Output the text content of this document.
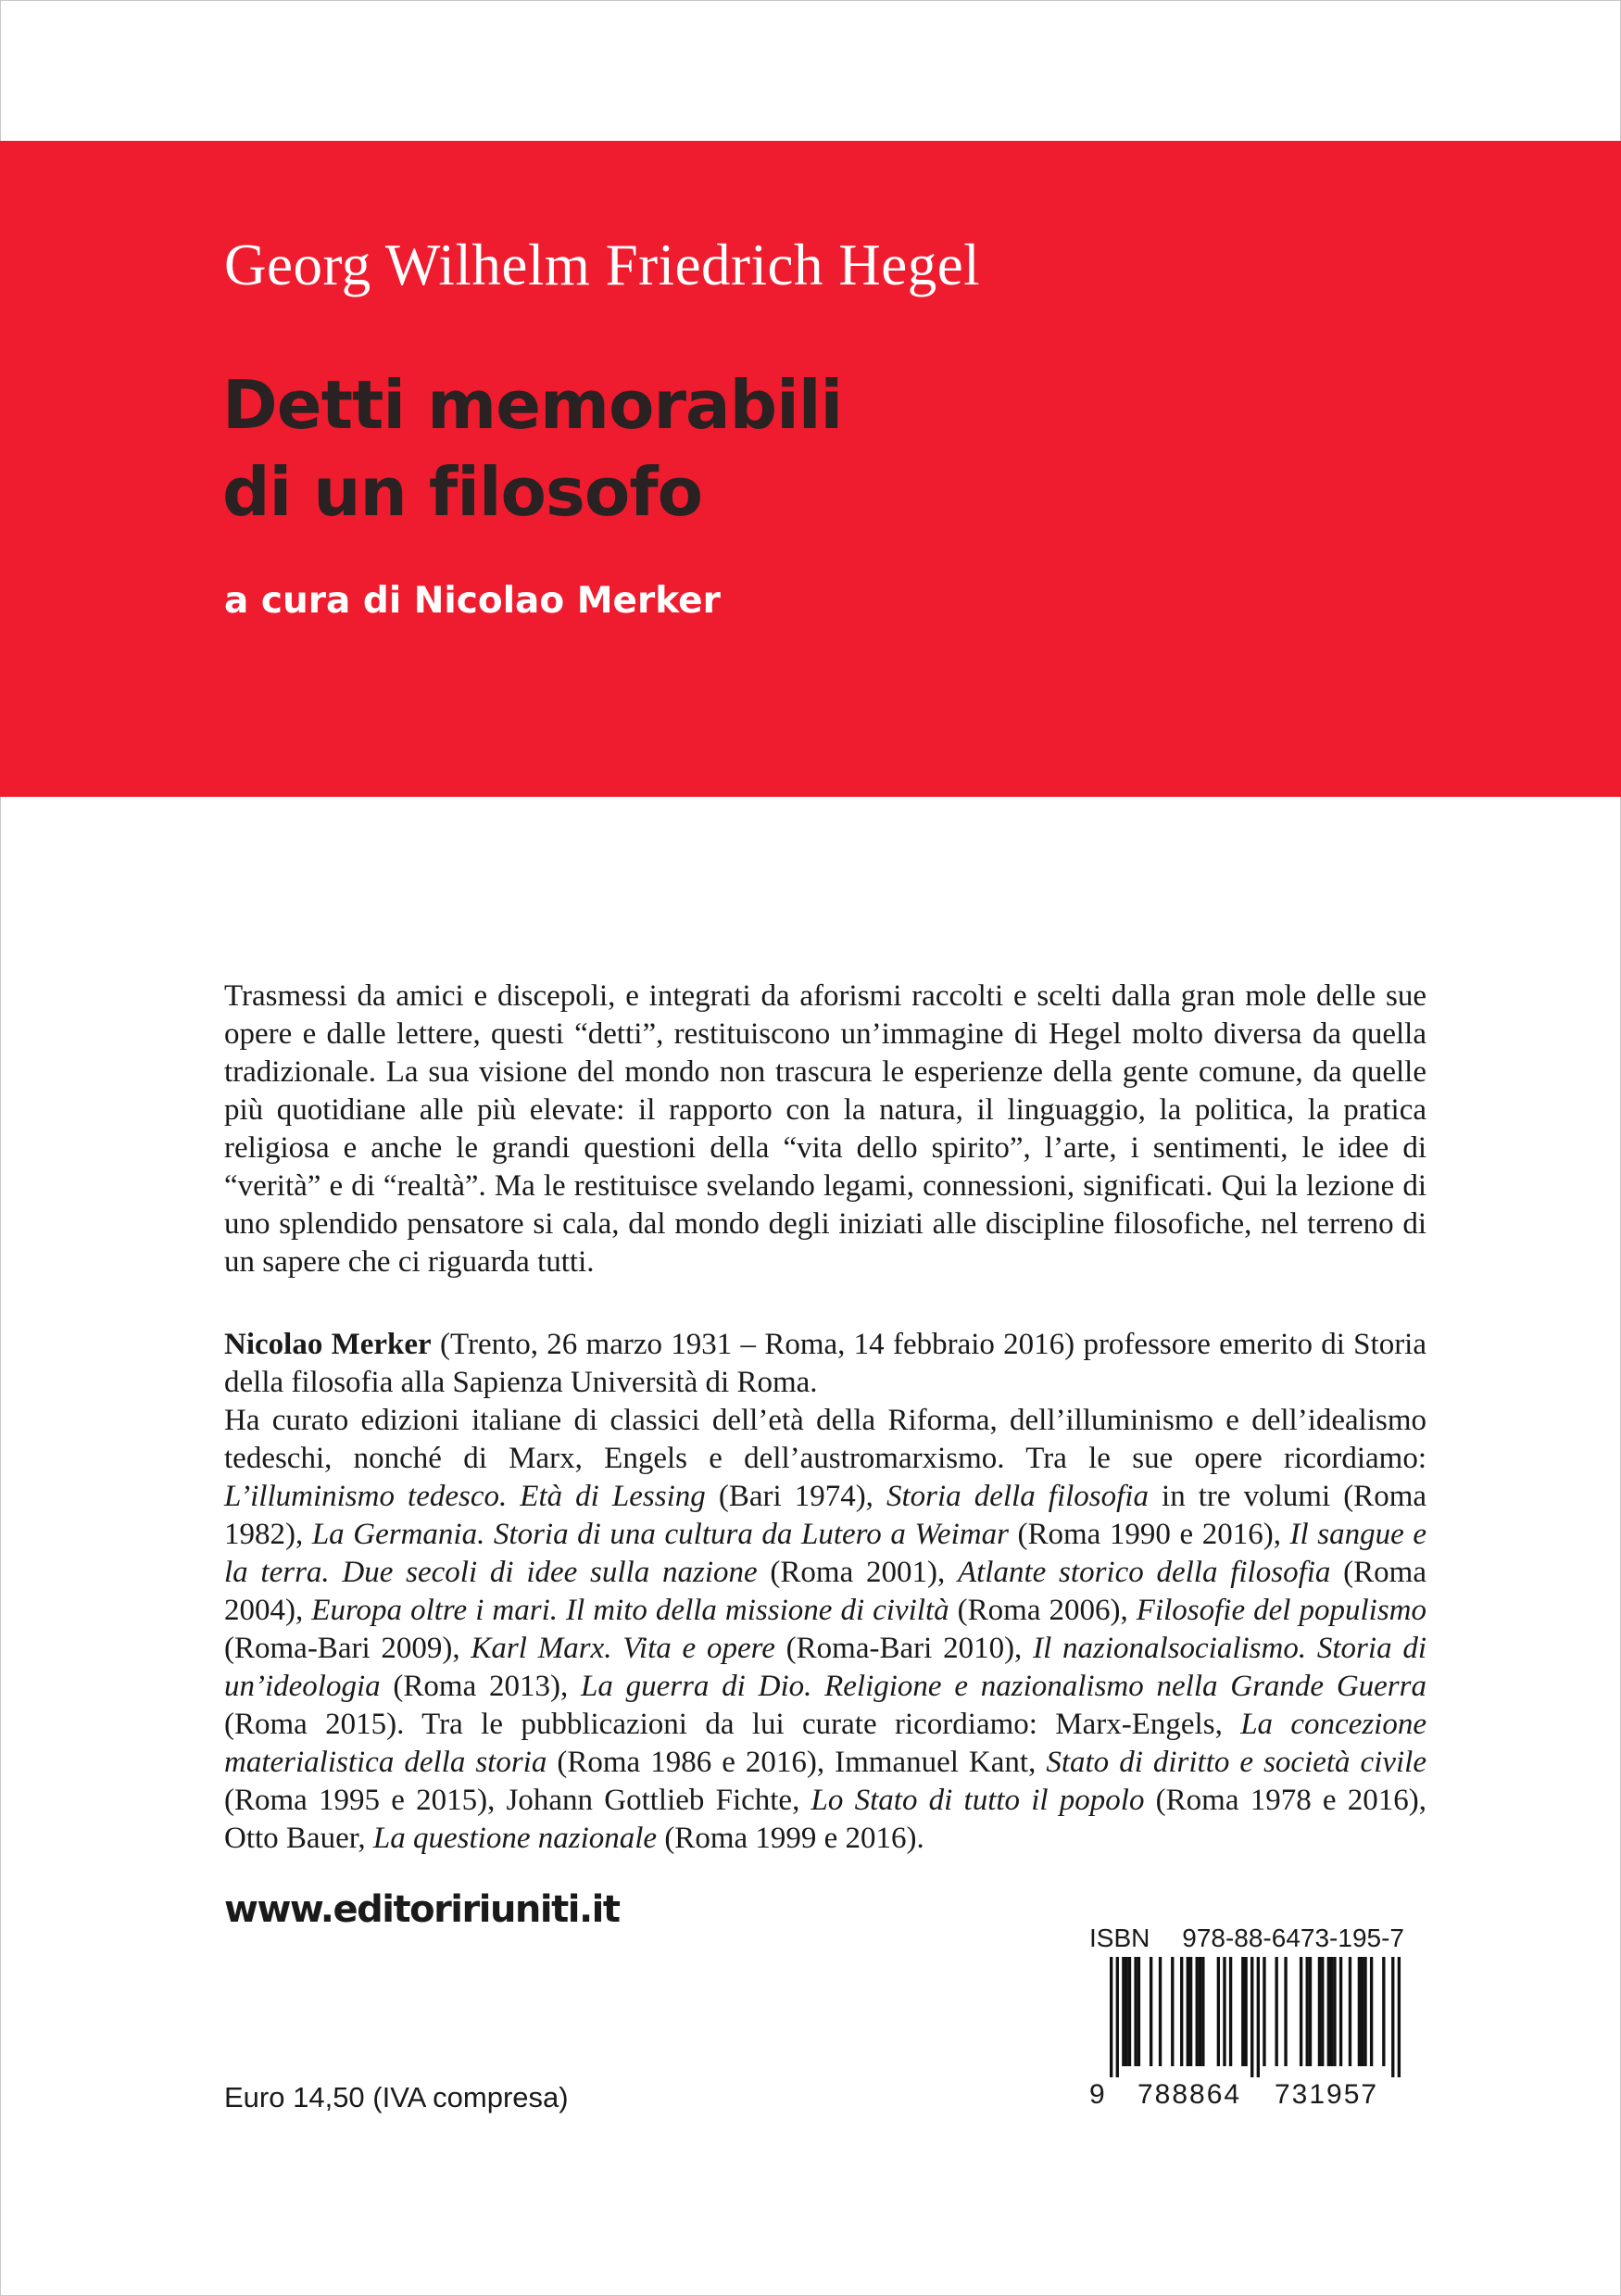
Georg Wilhelm Friedrich Hegel
Detti memorabili
di un filosofo
a cura di Nicolao Merker
Trasmessi da amici e discepoli, e integrati da aforismi raccolti e scelti dalla gran mole delle sue opere e dalle lettere, questi “detti”, restituiscono un’immagine di Hegel molto diversa da quella tradizionale. La sua visione del mondo non trascura le esperienze della gente comune, da quelle più quotidiane alle più elevate: il rapporto con la natura, il linguaggio, la politica, la pratica religiosa e anche le grandi questioni della “vita dello spirito”, l’arte, i sentimenti, le idee di “verità” e di “realtà”. Ma le restituisce svelando legami, connessioni, significati. Qui la lezione di uno splendido pensatore si cala, dal mondo degli iniziati alle discipline filosofiche, nel terreno di un sapere che ci riguarda tutti.

Nicolao Merker (Trento, 26 marzo 1931 – Roma, 14 febbraio 2016) professore emerito di Storia della filosofia alla Sapienza Università di Roma.

Ha curato edizioni italiane di classici dell’età della Riforma, dell’illuminismo e dell’idealismo tedeschi, nonché di Marx, Engels e dell’austromarxismo. Tra le sue opere ricordiamo: L’illuminismo tedesco. Età di Lessing (Bari 1974), Storia della filosofia in tre volumi (Roma 1982), La Germania. Storia di una cultura da Lutero a Weimar (Roma 1990 e 2016), Il sangue e la terra. Due secoli di idee sulla nazione (Roma 2001), Atlante storico della filosofia (Roma 2004), Europa oltre i mari. Il mito della missione di civiltà (Roma 2006), Filosofie del populismo (Roma-Bari 2009), Karl Marx. Vita e opere (Roma-Bari 2010), Il nazionalsocialismo. Storia di un’ideologia (Roma 2013), La guerra di Dio. Religione e nazionalismo nella Grande Guerra (Roma 2015). Tra le pubblicazioni da lui curate ricordiamo: Marx-Engels, La concezione materialistica della storia (Roma 1986 e 2016), Immanuel Kant, Stato di diritto e società civile (Roma 1995 e 2015), Johann Gottlieb Fichte, Lo Stato di tutto il popolo (Roma 1978 e 2016), Otto Bauer, La questione nazionale (Roma 1999 e 2016).

www.editoririuniti.it
Euro 14,50 (IVA compresa)
ISBN 978-88-6473-195-7
9 788864 731957
